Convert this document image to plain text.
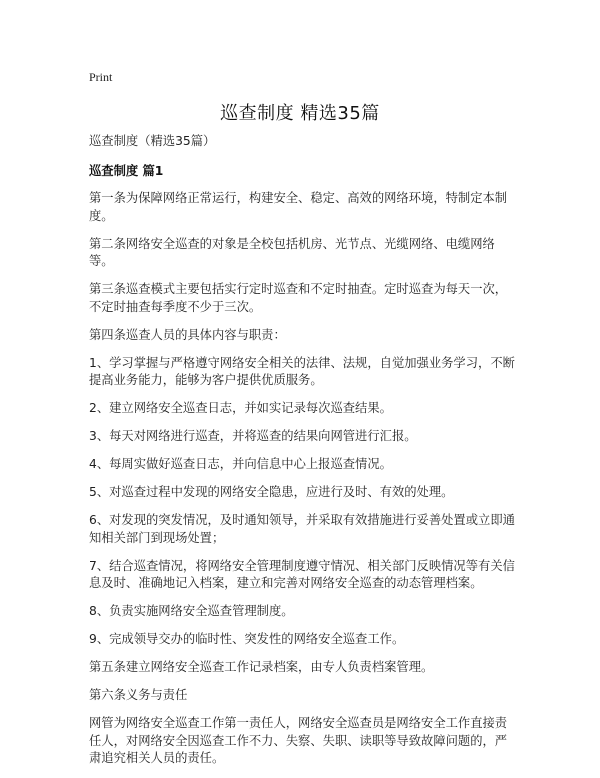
Print
巡查制度 精选35篇

巡查制度（精选35篇）

巡查制度 篇1

第一条为保障网络正常运行，构建安全、稳定、高效的网络环境，特制定本制度。

第二条网络安全巡查的对象是全校包括机房、光节点、光缆网络、电缆网络等。

第三条巡查模式主要包括实行定时巡查和不定时抽查。定时巡查为每天一次，不定时抽查每季度不少于三次。

第四条巡查人员的具体内容与职责：

1、学习掌握与严格遵守网络安全相关的法律、法规，自觉加强业务学习，不断提高业务能力，能够为客户提供优质服务。

2、建立网络安全巡查日志，并如实记录每次巡查结果。

3、每天对网络进行巡查，并将巡查的结果向网管进行汇报。

4、每周实做好巡查日志，并向信息中心上报巡查情况。

5、对巡查过程中发现的网络安全隐患，应进行及时、有效的处理。

6、对发现的突发情况，及时通知领导，并采取有效措施进行妥善处置或立即通知相关部门到现场处置；

7、结合巡查情况，将网络安全管理制度遵守情况、相关部门反映情况等有关信息及时、准确地记入档案，建立和完善对网络安全巡查的动态管理档案。

8、负责实施网络安全巡查管理制度。

9、完成领导交办的临时性、突发性的网络安全巡查工作。

第五条建立网络安全巡查工作记录档案，由专人负责档案管理。

第六条义务与责任

网管为网络安全巡查工作第一责任人，网络安全巡查员是网络安全工作直接责任人，对网络安全因巡查工作不力、失察、失职、读职等导致故障问题的，严肃追究相关人员的责任。
